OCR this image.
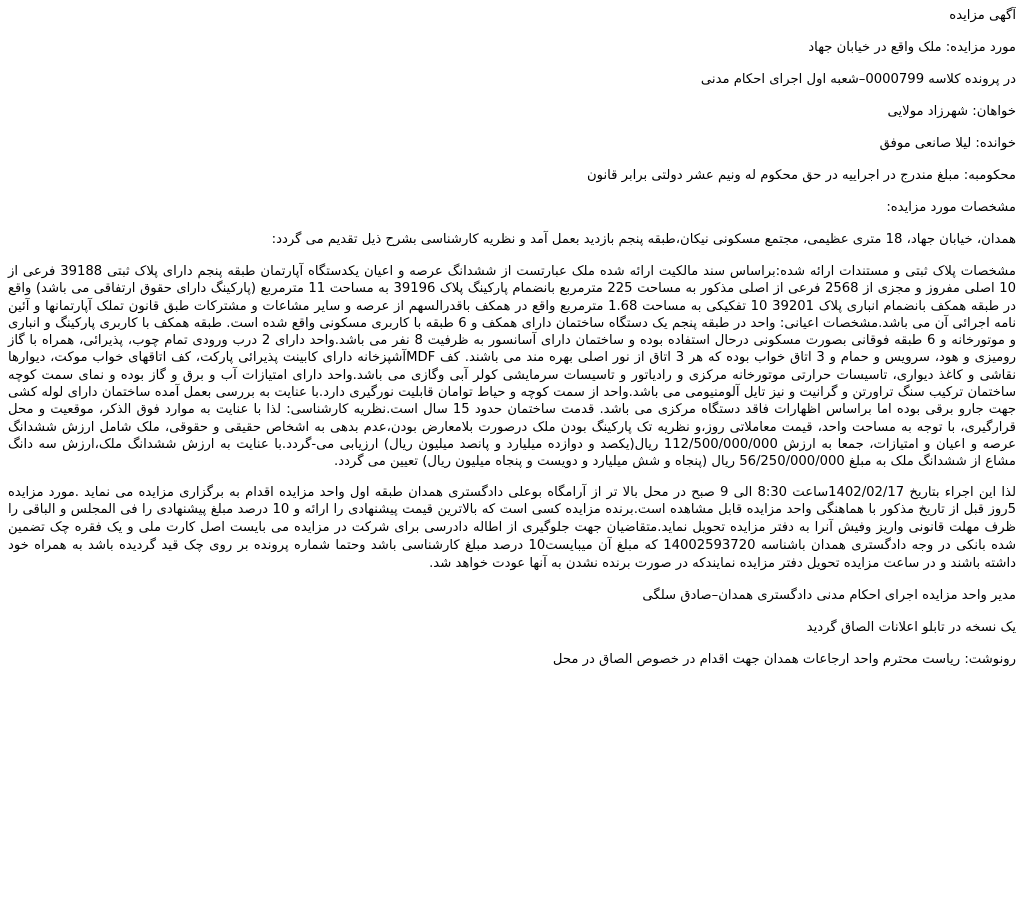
آگهی مزایده

مورد مزایده: ملک واقع در خیابان جهاد

در پرونده کلاسه 0000799–شعبه اول اجرای احکام مدنی

خواهان: شهرزاد مولایی

خوانده: لیلا صانعی موفق

محکومبه: مبلغ مندرج در اجراییه در حق محکوم له ونیم عشر دولتی برابر قانون

مشخصات مورد مزایده:

همدان، خیابان جهاد، 18 متری عظیمی، مجتمع مسکونی نیکان،طبقه پنجم بازدید بعمل آمد و نظریه کارشناسی بشرح ذیل تقدیم می گردد:

مشخصات پلاک ثبتی و مستندات ارائه شده:براساس سند مالکیت ارائه شده ملک عبارتست از ششدانگ عرصه و اعیان یکدستگاه آپارتمان طبقه پنجم دارای پلاک ثبتی 39188 فرعی از 10 اصلی مفروز و مجزی از 2568 فرعی از اصلی مذکور به مساحت 225 مترمربع بانضمام پارکینگ پلاک 39196 به مساحت 11 مترمربع (پارکینگ دارای حقوق ارتفاقی می باشد) واقع در طبقه همکف بانضمام انباری پلاک 39201 10 تفکیکی به مساحت 1.68 مترمربع واقع در همکف باقدرالسهم از عرصه و سایر مشاعات و مشترکات طبق قانون تملک آپارتمانها و آئین نامه اجرائی آن می باشد.مشخصات اعیانی: واحد در طبقه پنجم یک دستگاه ساختمان دارای همکف و 6 طبقه با کاربری مسکونی واقع شده است. طبقه همکف با کاربری پارکینگ و انباری و موتورخانه و 6 طبقه فوقانی بصورت مسکونی درحال استفاده بوده و ساختمان دارای آسانسور به ظرفیت 8 نفر می باشد.واحد دارای 2 درب ورودی تمام چوب، پذیرائی، همراه با گاز رومیزی و هود، سرویس و حمام و 3 اتاق خواب بوده که هر 3 اتاق از نور اصلی بهره مند می باشند. کف MDFآشپزخانه دارای کابینت پذیرائی پارکت، کف اتاقهای خواب موکت، دیوارها نقاشی و کاغذ دیواری، تاسیسات حرارتی موتورخانه مرکزی و رادیاتور و تاسیسات سرمایشی کولر آبی وگازی می باشد.واحد دارای امتیازات آب و برق و گاز بوده و نمای سمت کوچه ساختمان ترکیب سنگ تراورتن و گرانیت و نیز تایل آلومنیومی می باشد.واحد از سمت کوچه و حیاط توامان قابلیت نورگیری دارد.با عنایت به بررسی بعمل آمده ساختمان دارای لوله کشی جهت جارو برقی بوده اما براساس اظهارات فاقد دستگاه مرکزی می باشد. قدمت ساختمان حدود 15 سال است.نظریه کارشناسی: لذا با عنایت به موارد فوق الذکر، موقعیت و محل قرارگیری، با توجه به مساحت واحد، قیمت معاملاتی روز،و نظریه تک پارکینگ بودن ملک درصورت بلامعارض بودن،عدم بدهی به اشخاص حقیقی و حقوقی، ملک شامل ارزش ششدانگ عرصه و اعیان و امتیازات، جمعا به ارزش 112/500/000/000 ریال(یکصد و دوازده میلیارد و پانصد میلیون ریال) ارزیابی می-گردد.با عنایت به ارزش ششدانگ ملک،ارزش سه دانگ مشاع از ششدانگ ملک به مبلغ 56/250/000/000 ریال (پنجاه و شش میلیارد و دویست و پنجاه میلیون ریال) تعیین می گردد.

لذا این اجراء بتاریخ 1402/02/17ساعت 8:30 الی 9 صبح در محل بالا تر از آرامگاه بوعلی دادگستری همدان طبقه اول واحد مزایده اقدام به برگزاری مزایده می نماید .مورد مزایده 5روز قبل از تاریخ مذکور با هماهنگی واحد مزایده قابل مشاهده است.برنده مزایده کسی است که بالاترین قیمت پیشنهادی را ارائه و 10 درصد مبلغ پیشنهادی را فی المجلس و الباقی را ظرف مهلت قانونی واریز وفیش آنرا به دفتر مزایده تحویل نماید.متقاضیان جهت جلوگیری از اطاله دادرسی برای شرکت در مزایده می بایست اصل کارت ملی و یک فقره چک تضمین شده بانکی در وجه دادگستری همدان باشناسه 14002593720 که مبلغ آن میبایست10 درصد مبلغ کارشناسی باشد وحتما شماره پرونده بر روی چک قید گردیده باشد به همراه خود داشته باشند و در ساعت مزایده تحویل دفتر مزایده نمایندکه در صورت برنده نشدن به آنها عودت خواهد شد.

مدیر واحد مزایده اجرای احکام مدنی دادگستری همدان–صادق سلگی

یک نسخه در تابلو اعلانات الصاق گردید

رونوشت: ریاست محترم واحد ارجاعات همدان جهت اقدام در خصوص الصاق در محل
